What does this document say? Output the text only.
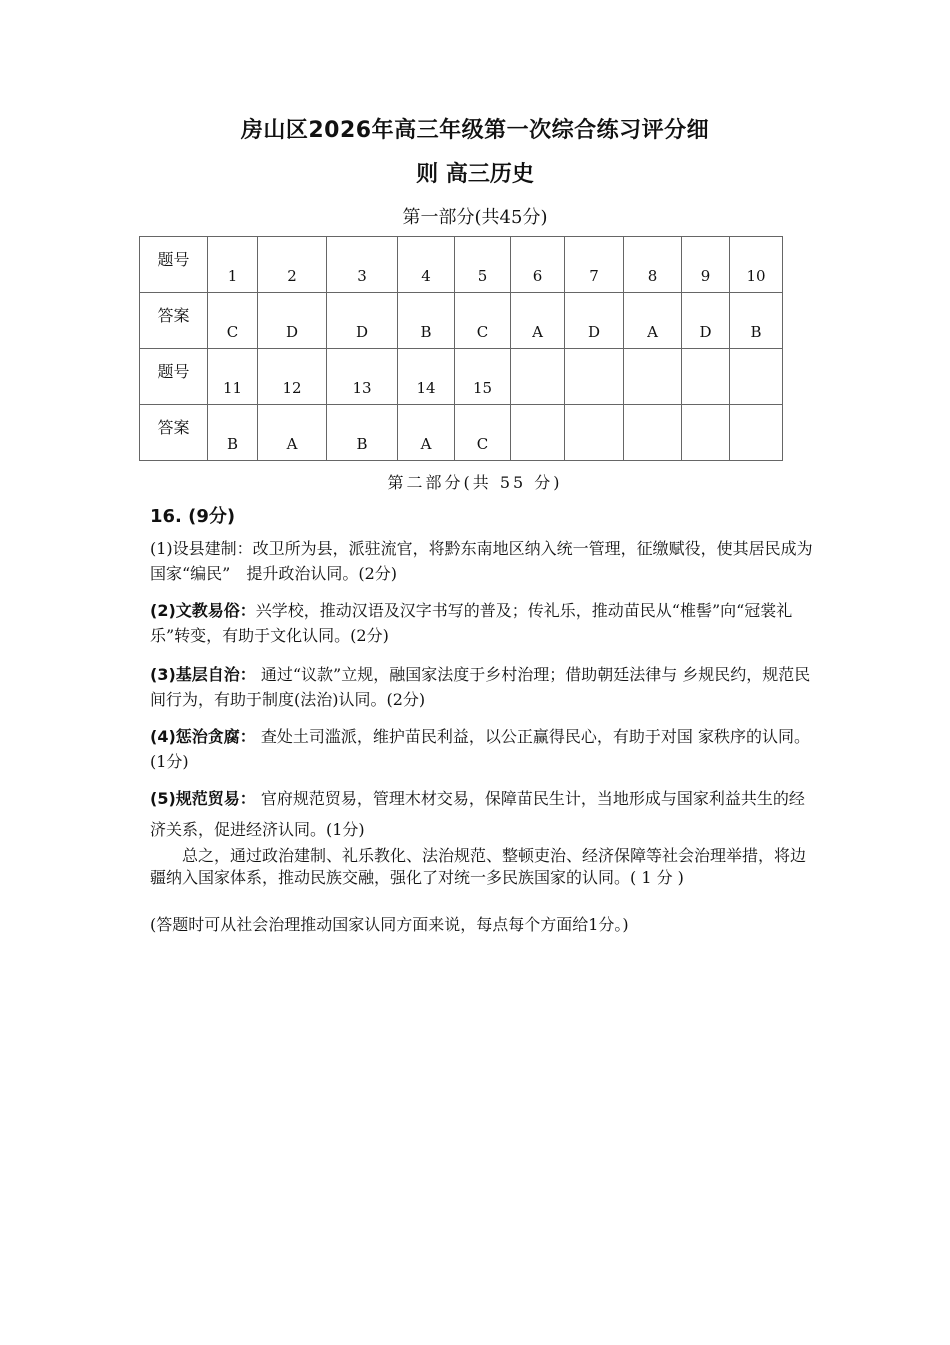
房山区2026年高三年级第一次综合练习评分细
则 高三历史
第一部分(共45分)
题号	1	2	3	4	5	6	7	8	9	10
答案	C	D	D	B	C	A	D	A	D	B
题号	11	12	13	14	15					
答案	B	A	B	A	C					
第二部分(共 55 分)
16. (9分)
(1)设县建制：改卫所为县，派驻流官，将黔东南地区纳入统一管理，征缴赋役，使其居民成为国家“编民”　提升政治认同。(2分)
(2)文教易俗：兴学校，推动汉语及汉字书写的普及；传礼乐，推动苗民从“椎髻”向“冠裳礼乐”转变，有助于文化认同。(2分)
(3)基层自治： 通过“议款”立规，融国家法度于乡村治理；借助朝廷法律与 乡规民约，规范民间行为，有助于制度(法治)认同。(2分)
(4)惩治贪腐： 查处土司滥派，维护苗民利益，以公正赢得民心，有助于对国 家秩序的认同。(1分)
(5)规范贸易： 官府规范贸易，管理木材交易，保障苗民生计，当地形成与国家利益共生的经济关系，促进经济认同。(1分)
总之，通过政治建制、礼乐教化、法治规范、整顿吏治、经济保障等社会治理举措，将边疆纳入国家体系，推动民族交融，强化了对统一多民族国家的认同。( 1 分 )
(答题时可从社会治理推动国家认同方面来说，每点每个方面给1分。)
